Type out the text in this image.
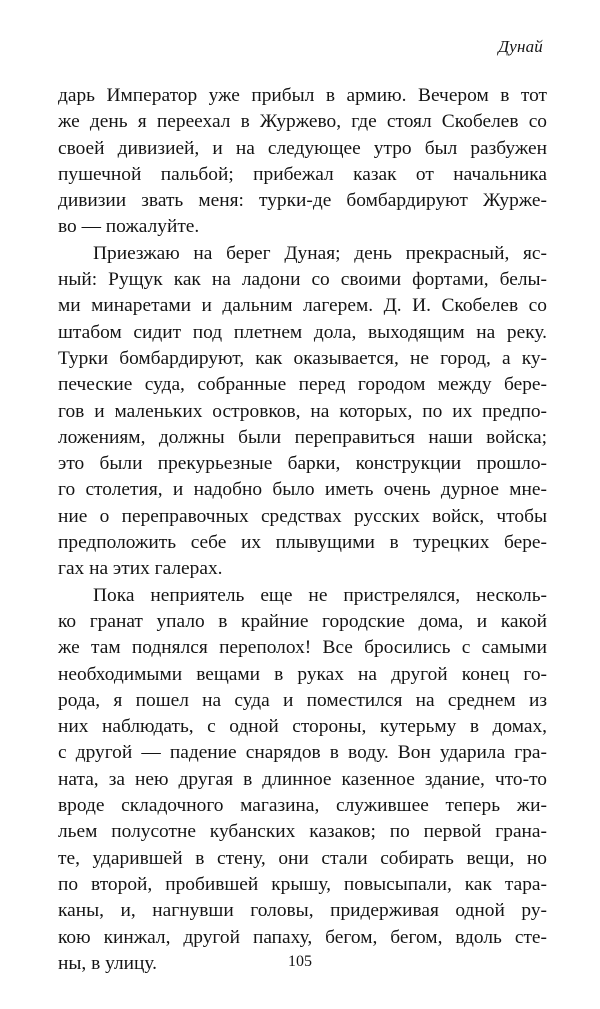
Дунай
дарь Император уже прибыл в армию. Вечером в тот
же день я переехал в Журжево, где стоял Скобелев со
своей дивизией, и на следующее утро был разбужен
пушечной пальбой; прибежал казак от начальника
дивизии звать меня: турки-де бомбардируют Журже-
во — пожалуйте.
Приезжаю на берег Дуная; день прекрасный, яс-
ный: Рущук как на ладони со своими фортами, белы-
ми минаретами и дальним лагерем. Д. И. Скобелев со
штабом сидит под плетнем дола, выходящим на реку.
Турки бомбардируют, как оказывается, не город, а ку-
печеские суда, собранные перед городом между бере-
гов и маленьких островков, на которых, по их предпо-
ложениям, должны были переправиться наши войска;
это были прекурьезные барки, конструкции прошло-
го столетия, и надобно было иметь очень дурное мне-
ние о переправочных средствах русских войск, чтобы
предположить себе их плывущими в турецких бере-
гах на этих галерах.
Пока неприятель еще не пристрелялся, несколь-
ко гранат упало в крайние городские дома, и какой
же там поднялся переполох! Все бросились с самыми
необходимыми вещами в руках на другой конец го-
рода, я пошел на суда и поместился на среднем из
них наблюдать, с одной стороны, кутерьму в домах,
с другой — падение снарядов в воду. Вон ударила гра-
ната, за нею другая в длинное казенное здание, что-то
вроде складочного магазина, служившее теперь жи-
льем полусотне кубанских казаков; по первой грана-
те, ударившей в стену, они стали собирать вещи, но
по второй, пробившей крышу, повысыпали, как тара-
каны, и, нагнувши головы, придерживая одной ру-
кою кинжал, другой папаху, бегом, бегом, вдоль сте-
ны, в улицу.	105
